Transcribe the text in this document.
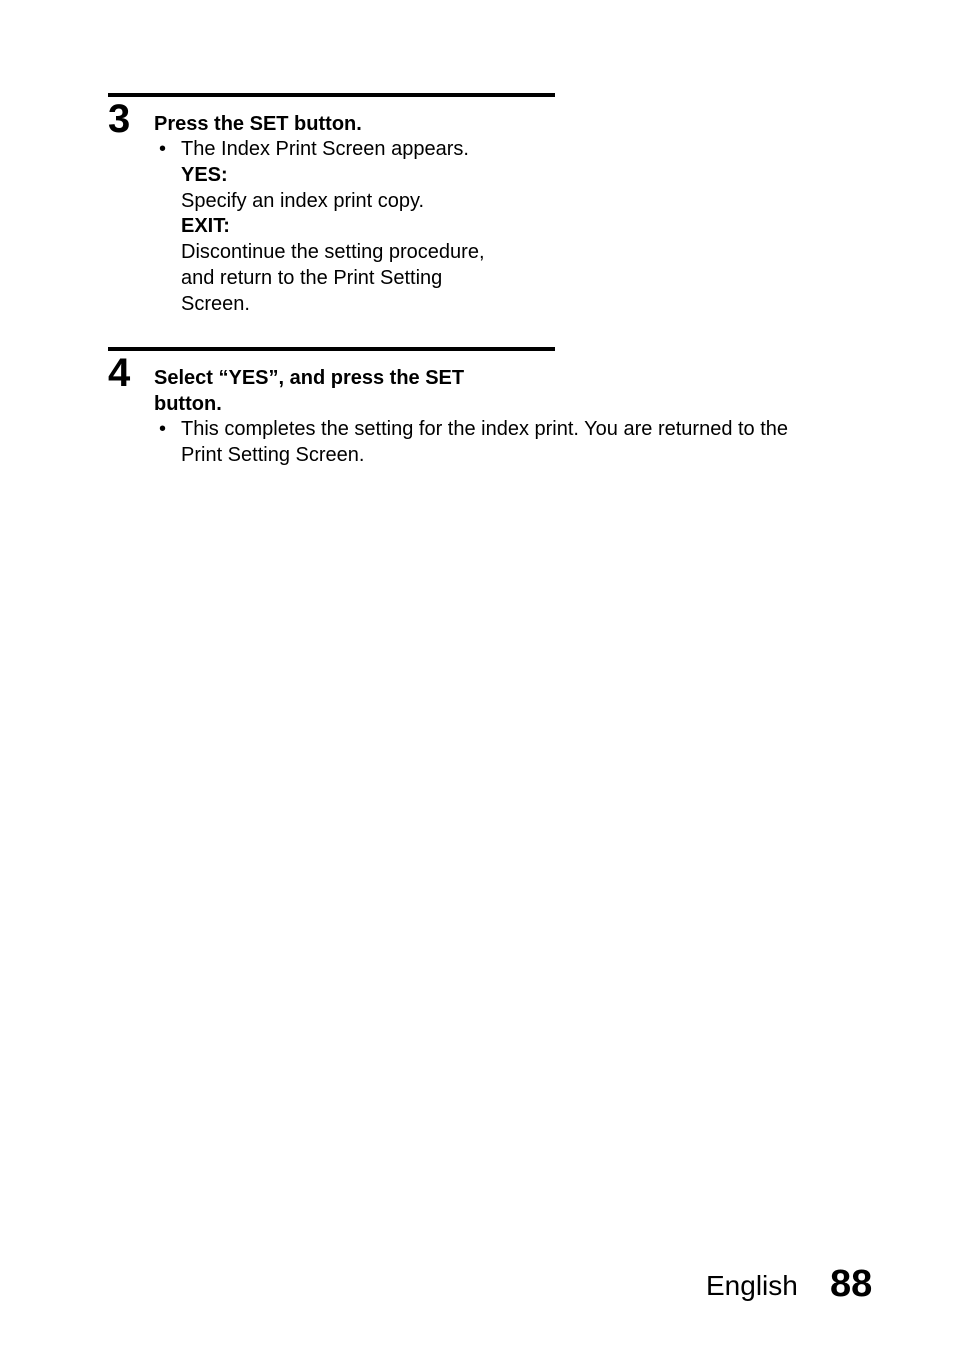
3 Press the SET button.
• The Index Print Screen appears.
YES:
Specify an index print copy.
EXIT:
Discontinue the setting procedure,
and return to the Print Setting
Screen.
4 Select “YES”, and press the SET
button.
• This completes the setting for the index print. You are returned to the
Print Setting Screen.
English 88
